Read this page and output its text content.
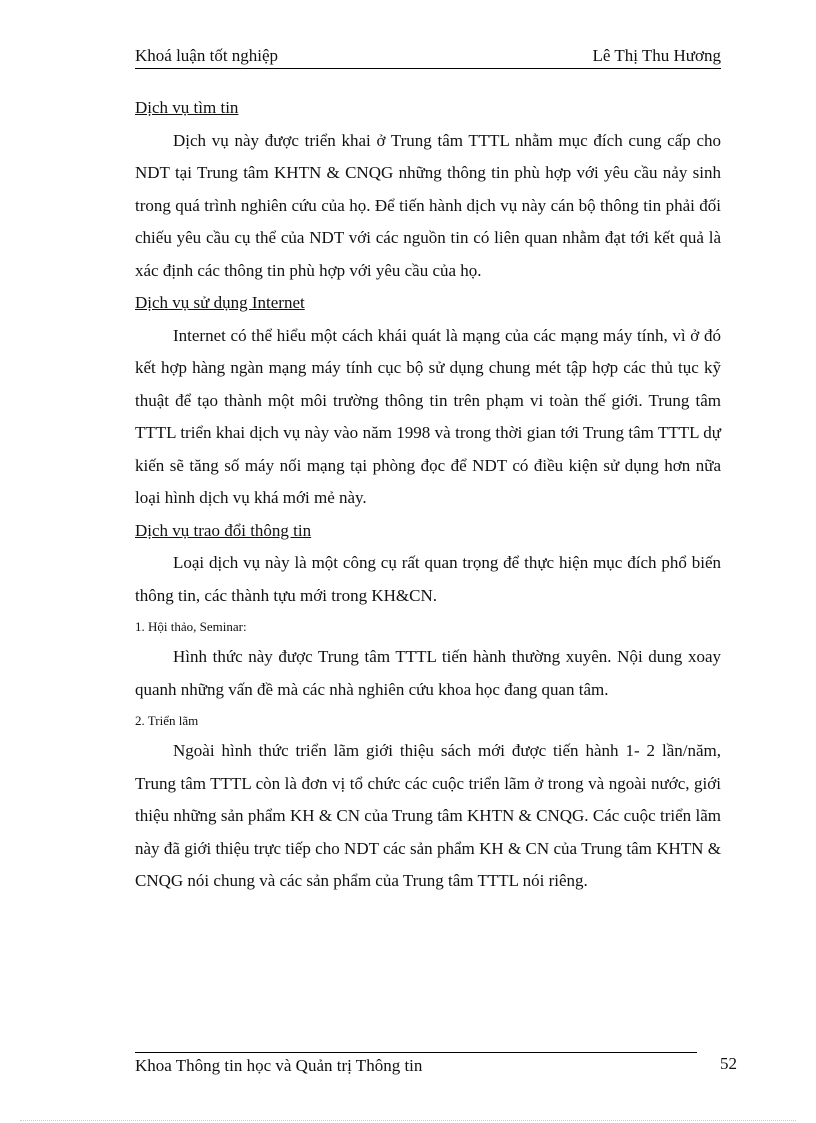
Khoá luận tốt nghiệp	Lê Thị Thu Hương

Dịch vụ tìm tin

Dịch vụ này được triển khai ở Trung tâm TTTL nhằm mục đích cung cấp cho NDT tại Trung tâm KHTN & CNQG những thông tin phù hợp với yêu cầu nảy sinh trong quá trình nghiên cứu của họ. Để tiến hành dịch vụ này cán bộ thông tin phải đối chiếu yêu cầu cụ thể của NDT với các nguồn tin có liên quan nhằm đạt tới kết quả là xác định các thông tin phù hợp với yêu cầu của họ.

Dịch vụ sử dụng Internet

Internet có thể hiểu một cách khái quát là mạng của các mạng máy tính, vì ở đó kết hợp hàng ngàn mạng máy tính cục bộ sử dụng chung mét tập hợp các thủ tục kỹ thuật để tạo thành một môi trường thông tin trên phạm vi toàn thế giới. Trung tâm TTTL triển khai dịch vụ này vào năm 1998 và trong thời gian tới Trung tâm TTTL dự kiến sẽ tăng số máy nối mạng tại phòng đọc để NDT có điều kiện sử dụng hơn nữa loại hình dịch vụ khá mới mẻ này.

Dịch vụ trao đổi thông tin

Loại dịch vụ này là một công cụ rất quan trọng để thực hiện mục đích phổ biến thông tin, các thành tựu mới trong KH&CN.

1. Hội thảo, Seminar:

Hình thức này được Trung tâm TTTL tiến hành thường xuyên. Nội dung xoay quanh những vấn đề mà các nhà nghiên cứu khoa học đang quan tâm.

2. Triển lãm

Ngoài hình thức triển lãm giới thiệu sách mới được tiến hành 1- 2 lần/năm, Trung tâm TTTL còn là đơn vị tổ chức các cuộc triển lãm ở trong và ngoài nước, giới thiệu những sản phẩm KH & CN của Trung tâm KHTN & CNQG. Các cuộc triển lãm này đã giới thiệu trực tiếp cho NDT các sản phẩm KH & CN của Trung tâm KHTN & CNQG nói chung và các sản phẩm của Trung tâm TTTL nói riêng.

Khoa Thông tin học và Quản trị Thông tin	52
